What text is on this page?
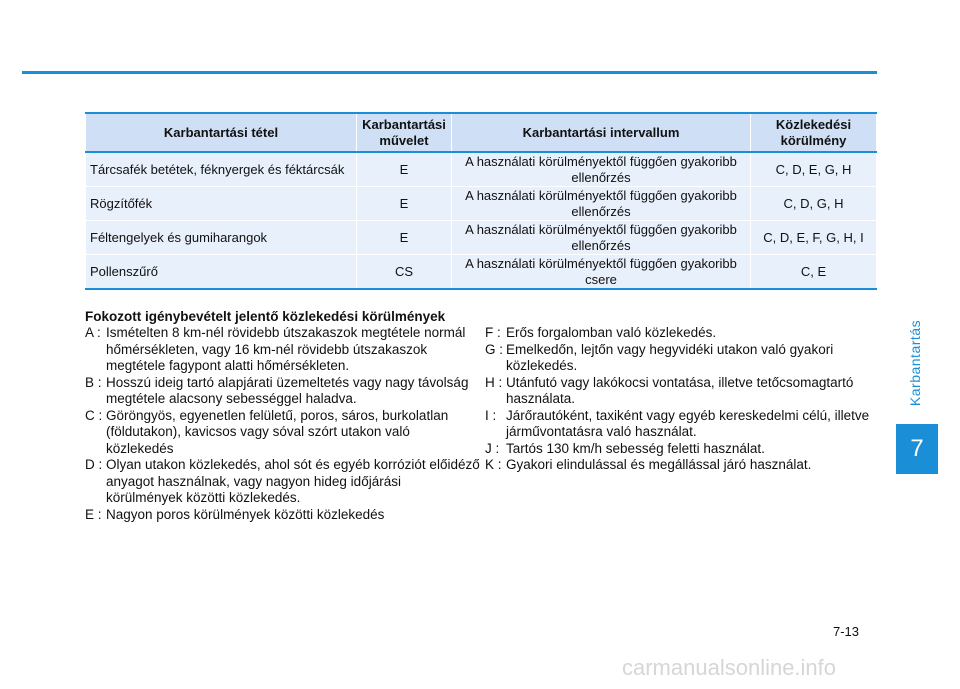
Karbantartás
7
Karbantartási tétel	Karbantartási művelet	Karbantartási intervallum	Közlekedési körülmény
Tárcsafék betétek, féknyergek és féktárcsák	E	A használati körülményektől függően gyakoribb ellenőrzés	C, D, E, G, H
Rögzítőfék	E	A használati körülményektől függően gyakoribb ellenőrzés	C, D, G, H
Féltengelyek és gumiharangok	E	A használati körülményektől függően gyakoribb ellenőrzés	C, D, E, F, G, H, I
Pollenszűrő	CS	A használati körülményektől függően gyakoribb csere	C, E
Fokozott igénybevételt jelentő közlekedési körülmények
A : Ismételten 8 km-nél rövidebb útszakaszok megtétele normál hőmérsékleten, vagy 16 km-nél rövidebb útszakaszok megtétele fagypont alatti hőmérsékleten.
B : Hosszú ideig tartó alapjárati üzemeltetés vagy nagy távolság megtétele alacsony sebességgel haladva.
C : Göröngyös, egyenetlen felületű, poros, sáros, burkolatlan (földutakon), kavicsos vagy sóval szórt utakon való közlekedés
D : Olyan utakon közlekedés, ahol sót és egyéb korróziót előidéző anyagot használnak, vagy nagyon hideg időjárási körülmények közötti közlekedés.
E : Nagyon poros körülmények közötti közlekedés
F : Erős forgalomban való közlekedés.
G : Emelkedőn, lejtőn vagy hegyvidéki utakon való gyakori közlekedés.
H : Utánfutó vagy lakókocsi vontatása, illetve tetőcsomagtartó használata.
I : Járőrautóként, taxiként vagy egyéb kereskedelmi célú, illetve járművontatásra való használat.
J : Tartós 130 km/h sebesség feletti használat.
K : Gyakori elindulással és megállással járó használat.
7-13
carmanualsonline.info
